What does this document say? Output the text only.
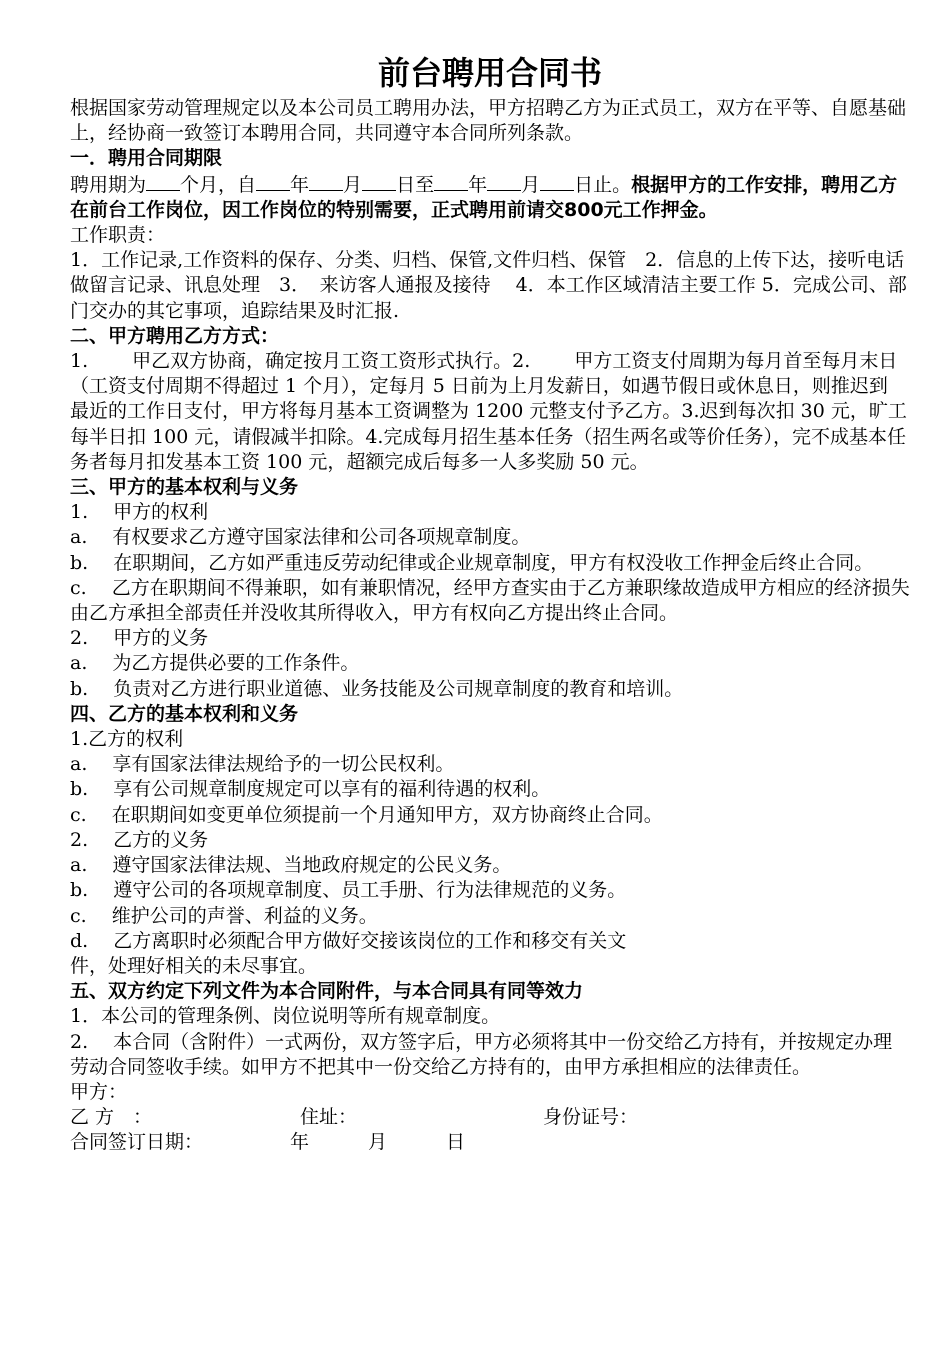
前台聘用合同书
根据国家劳动管理规定以及本公司员工聘用办法，甲方招聘乙方为正式员工，双方在平等、自愿基础上，经协商一致签订本聘用合同，共同遵守本合同所列条款。
一．聘用合同期限
聘用期为 个月，自 年 月 日至 年 月 日止。根据甲方的工作安排，聘用乙方在前台工作岗位，因工作岗位的特别需要，正式聘用前请交800元工作押金。
工作职责：
1．工作记录,工作资料的保存、分类、归档、保管,文件归档、保管　2．信息的上传下达，接听电话做留言记录、讯息处理　3．　来访客人通报及接待　 4．本工作区域清洁主要工作 5．完成公司、部门交办的其它事项，追踪结果及时汇报.
二、甲方聘用乙方方式：
1.　　 甲乙双方协商，确定按月工资工资形式执行。2.　　 甲方工资支付周期为每月首至每月末日
（工资支付周期不得超过 1 个月），定每月 5 日前为上月发薪日，如遇节假日或休息日，则推迟到
最近的工作日支付，甲方将每月基本工资调整为 1200 元整支付予乙方。3.迟到每次扣 30 元，旷工每半日扣 100 元，请假减半扣除。4.完成每月招生基本任务（招生两名或等价任务），完不成基本任务者每月扣发基本工资 100 元，超额完成后每多一人多奖励 50 元。
三、甲方的基本权利与义务
1.　 甲方的权利
a.　 有权要求乙方遵守国家法律和公司各项规章制度。
b.　 在职期间，乙方如严重违反劳动纪律或企业规章制度，甲方有权没收工作押金后终止合同。
c.　 乙方在职期间不得兼职，如有兼职情况，经甲方查实由于乙方兼职缘故造成甲方相应的经济损失由乙方承担全部责任并没收其所得收入，甲方有权向乙方提出终止合同。
2.　 甲方的义务
a.　 为乙方提供必要的工作条件。
b.　 负责对乙方进行职业道德、业务技能及公司规章制度的教育和培训。
四、乙方的基本权利和义务
1.乙方的权利
a.　 享有国家法律法规给予的一切公民权利。
b.　 享有公司规章制度规定可以享有的福利待遇的权利。
c.　 在职期间如变更单位须提前一个月通知甲方，双方协商终止合同。
2.　 乙方的义务
a.　 遵守国家法律法规、当地政府规定的公民义务。
b.　 遵守公司的各项规章制度、员工手册、行为法律规范的义务。
c.　 维护公司的声誉、利益的义务。
d.　 乙方离职时必须配合甲方做好交接该岗位的工作和移交有关文
件，处理好相关的未尽事宜。
五、双方约定下列文件为本合同附件，与本合同具有同等效力
1．本公司的管理条例、岗位说明等所有规章制度。
2.　 本合同（含附件）一式两份，双方签字后，甲方必须将其中一份交给乙方持有，并按规定办理劳动合同签收手续。如甲方不把其中一份交给乙方持有的，由甲方承担相应的法律责任。
甲方：
乙 方　：	住址：	身份证号：
合同签订日期：	年	月	日
